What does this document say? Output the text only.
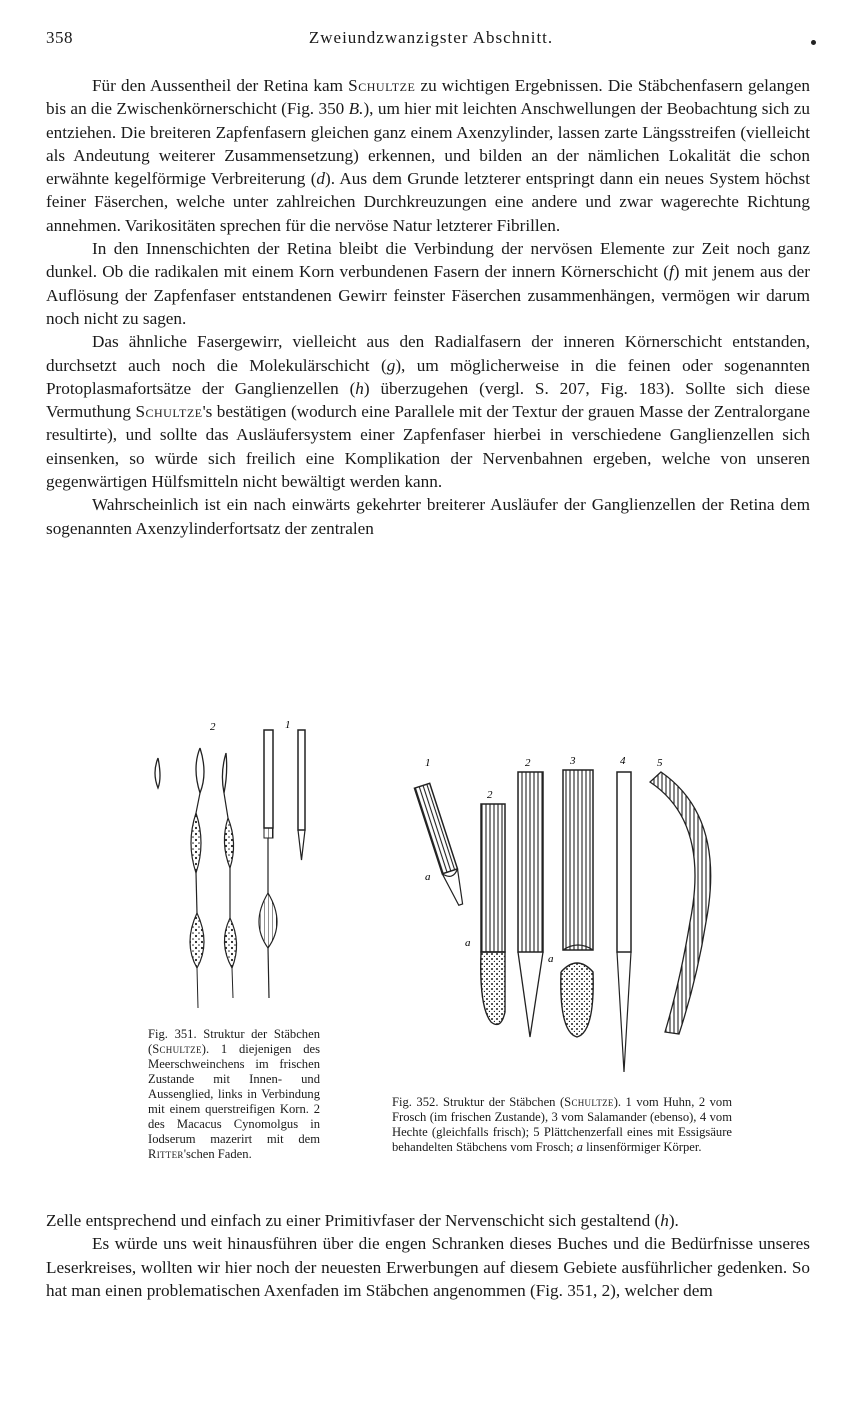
358	Zweiundzwanzigster Abschnitt.

Für den Aussentheil der Retina kam Schultze zu wichtigen Ergebnissen. Die Stäbchenfasern gelangen bis an die Zwischenkörnerschicht (Fig. 350 B.), um hier mit leichten Anschwellungen der Beobachtung sich zu entziehen. Die breiteren Zapfenfasern gleichen ganz einem Axenzylinder, lassen zarte Längsstreifen (vielleicht als Andeutung weiterer Zusammensetzung) erkennen, und bilden an der nämlichen Lokalität die schon erwähnte kegelförmige Verbreiterung (d). Aus dem Grunde letzterer entspringt dann ein neues System höchst feiner Fäserchen, welche unter zahlreichen Durchkreuzungen eine andere und zwar wagerechte Richtung annehmen. Varikositäten sprechen für die nervöse Natur letzterer Fibrillen.

In den Innenschichten der Retina bleibt die Verbindung der nervösen Elemente zur Zeit noch ganz dunkel. Ob die radikalen mit einem Korn verbundenen Fasern der innern Körnerschicht (f) mit jenem aus der Auflösung der Zapfenfaser entstandenen Gewirr feinster Fäserchen zusammenhängen, vermögen wir darum noch nicht zu sagen.

Das ähnliche Fasergewirr, vielleicht aus den Radialfasern der inneren Körnerschicht entstanden, durchsetzt auch noch die Molekulärschicht (g), um möglicherweise in die feinen oder sogenannten Protoplasmafortsätze der Ganglienzellen (h) überzugehen (vergl. S. 207, Fig. 183). Sollte sich diese Vermuthung Schultze's bestätigen (wodurch eine Parallele mit der Textur der grauen Masse der Zentralorgane resultirte), und sollte das Ausläufersystem einer Zapfenfaser hierbei in verschiedene Ganglienzellen sich einsenken, so würde sich freilich eine Komplikation der Nervenbahnen ergeben, welche von unseren gegenwärtigen Hülfsmitteln nicht bewältigt werden kann.

Wahrscheinlich ist ein nach einwärts gekehrter breiterer Ausläufer der Ganglienzellen der Retina dem sogenannten Axenzylinderfortsatz der zentralen

2	1
Fig. 351. Struktur der Stäbchen (Schultze). 1 diejenigen des Meerschweinchens im frischen Zustande mit Innen- und Aussenglied, links in Verbindung mit einem querstreifigen Korn. 2 des Macacus Cynomolgus in Iodserum mazerirt mit dem Ritter'schen Faden.
1
2
2	3	4	5
a
a
a
Fig. 352. Struktur der Stäbchen (Schultze). 1 vom Huhn, 2 vom Frosch (im frischen Zustande), 3 vom Salamander (ebenso), 4 vom Hechte (gleichfalls frisch); 5 Plättchenzerfall eines mit Essigsäure behandelten Stäbchens vom Frosch; a linsenförmiger Körper.

Zelle entsprechend und einfach zu einer Primitivfaser der Nervenschicht sich gestaltend (h).

Es würde uns weit hinausführen über die engen Schranken dieses Buches und die Bedürfnisse unseres Leserkreises, wollten wir hier noch der neuesten Erwerbungen auf diesem Gebiete ausführlicher gedenken. So hat man einen problematischen Axenfaden im Stäbchen angenommen (Fig. 351, 2), welcher dem
